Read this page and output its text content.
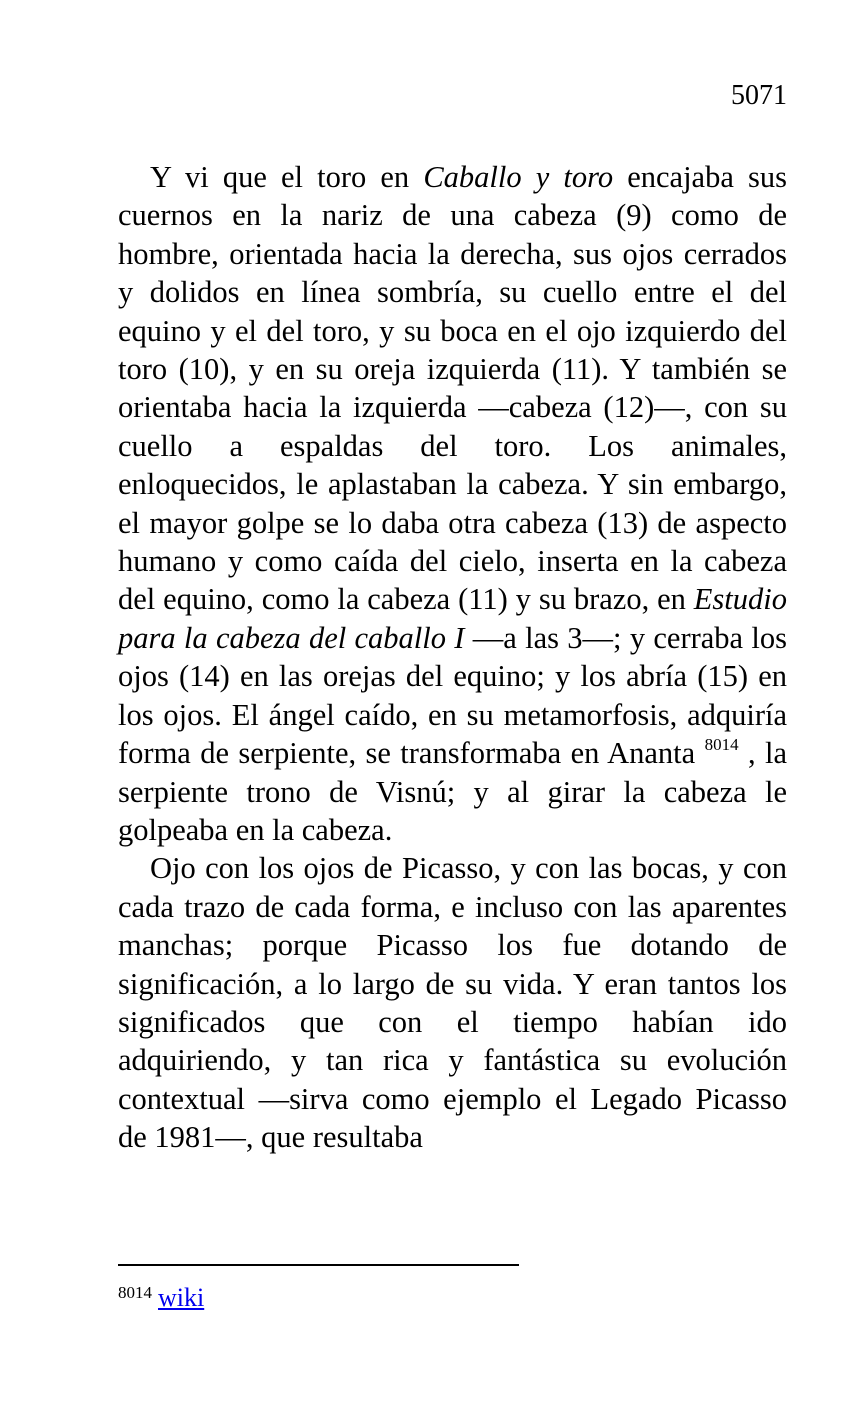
5071

Y vi que el toro en Caballo y toro encajaba sus cuernos en la nariz de una cabeza (9) como de hombre, orientada hacia la derecha, sus ojos cerrados y dolidos en línea sombría, su cuello entre el del equino y el del toro, y su boca en el ojo izquierdo del toro (10), y en su oreja izquierda (11). Y también se orientaba hacia la izquierda —cabeza (12)—, con su cuello a espaldas del toro. Los animales, enloquecidos, le aplastaban la cabeza. Y sin embargo, el mayor golpe se lo daba otra cabeza (13) de aspecto humano y como caída del cielo, inserta en la cabeza del equino, como la cabeza (11) y su brazo, en Estudio para la cabeza del caballo I —a las 3—; y cerraba los ojos (14) en las orejas del equino; y los abría (15) en los ojos. El ángel caído, en su metamorfosis, adquiría forma de serpiente, se transformaba en Ananta $^{8014}$ , la serpiente trono de Visnú; y al girar la cabeza le golpeaba en la cabeza.

Ojo con los ojos de Picasso, y con las bocas, y con cada trazo de cada forma, e incluso con las aparentes manchas; porque Picasso los fue dotando de significación, a lo largo de su vida. Y eran tantos los significados que con el tiempo habían ido adquiriendo, y tan rica y fantástica su evolución contextual —sirva como ejemplo el Legado Picasso de 1981—, que resultaba

$^{8014}$ wiki
